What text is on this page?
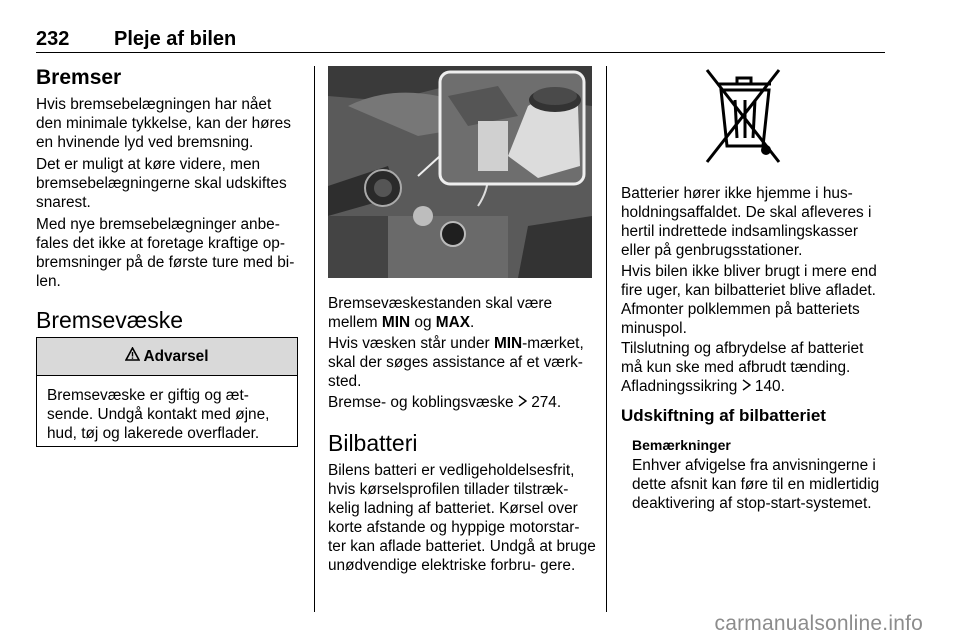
232 Pleje af bilen
Bremser

Hvis bremsebelægningen har nået den minimale tykkelse, kan der høres en hvinende lyd ved bremsning.

Det er muligt at køre videre, men bremsebelægningerne skal udskiftes snarest.

Med nye bremsebelægninger anbe- fales det ikke at foretage kraftige op- bremsninger på de første ture med bi- len.

Bremsevæske
Advarsel

Bremsevæske er giftig og æt- sende. Undgå kontakt med øjne, hud, tøj og lakerede overflader.

Bremsevæskestanden skal være mellem MIN og MAX.

Hvis væsken står under MIN-mærket, skal der søges assistance af et værk- sted.

Bremse- og koblingsvæske 274.

Bilbatteri

Bilens batteri er vedligeholdelsesfrit, hvis kørselsprofilen tillader tilstræk- kelig ladning af batteriet. Kørsel over korte afstande og hyppige motorstar- ter kan aflade batteriet. Undgå at bruge unødvendige elektriske forbru- gere.

Batterier hører ikke hjemme i hus- holdningsaffaldet. De skal afleveres i hertil indrettede indsamlingskasser eller på genbrugsstationer.

Hvis bilen ikke bliver brugt i mere end fire uger, kan bilbatteriet blive afladet. Afmonter polklemmen på batteriets minuspol.

Tilslutning og afbrydelse af batteriet må kun ske med afbrudt tænding.

Afladningssikring 140.

Udskiftning af bilbatteriet
Bemærkninger

Enhver afvigelse fra anvisningerne i dette afsnit kan føre til en midlertidig deaktivering af stop-start-systemet.

carmanualsonline.info
